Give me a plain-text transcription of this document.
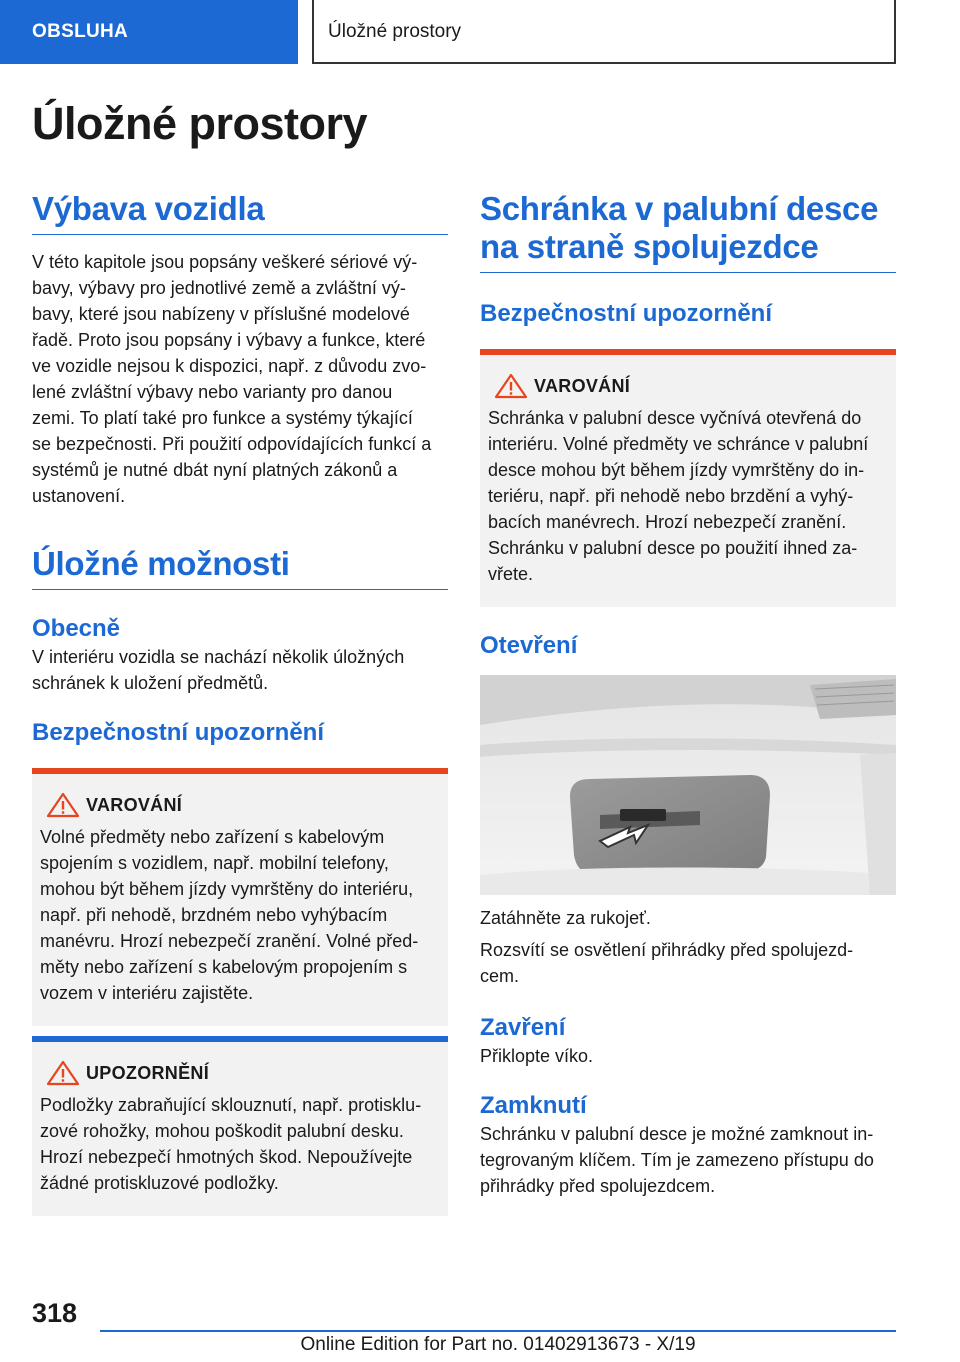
OBSLUHA	Úložné prostory
Úložné prostory
Výbava vozidla

V této kapitole jsou popsány veškeré sériové vý-

bavy, výbavy pro jednotlivé země a zvláštní vý-

bavy, které jsou nabízeny v příslušné modelové

řadě. Proto jsou popsány i výbavy a funkce, které

ve vozidle nejsou k dispozici, např. z důvodu zvo-

lené zvláštní výbavy nebo varianty pro danou

zemi. To platí také pro funkce a systémy týkající

se bezpečnosti. Při použití odpovídajících funkcí a

systémů je nutné dbát nyní platných zákonů a

ustanovení.

Úložné možnosti
Obecně

V interiéru vozidla se nachází několik úložných

schránek k uložení předmětů.

Bezpečnostní upozornění
VAROVÁNÍ

Volné předměty nebo zařízení s kabelovým

spojením s vozidlem, např. mobilní telefony,

mohou být během jízdy vymrštěny do interiéru,

např. při nehodě, brzdném nebo vyhýbacím

manévru. Hrozí nebezpečí zranění. Volné před-

měty nebo zařízení s kabelovým propojením s

vozem v interiéru zajistěte.

UPOZORNĚNÍ

Podložky zabraňující sklouznutí, např. protisklu-

zové rohožky, mohou poškodit palubní desku.

Hrozí nebezpečí hmotných škod. Nepoužívejte

žádné protiskluzové podložky.

Schránka v palubní desce
na straně spolujezdce
Bezpečnostní upozornění
VAROVÁNÍ

Schránka v palubní desce vyčnívá otevřená do

interiéru. Volné předměty ve schránce v palubní

desce mohou být během jízdy vymrštěny do in-

teriéru, např. při nehodě nebo brzdění a vyhý-

bacích manévrech. Hrozí nebezpečí zranění.

Schránku v palubní desce po použití ihned za-

vřete.

Otevření

Zatáhněte za rukojeť.

Rozsvítí se osvětlení přihrádky před spolujezd-

cem.

Zavření

Přiklopte víko.

Zamknutí

Schránku v palubní desce je možné zamknout in-

tegrovaným klíčem. Tím je zamezeno přístupu do

přihrádky před spolujezdcem.

318
Online Edition for Part no. 01402913673 - X/19
